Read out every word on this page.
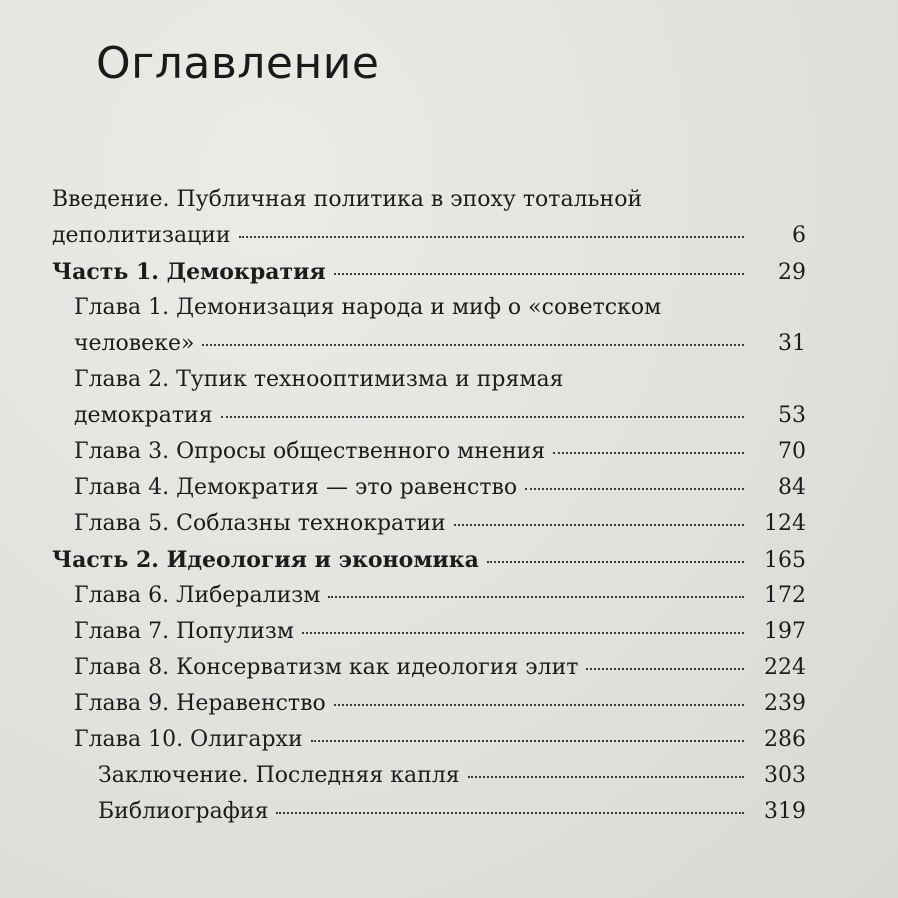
Оглавление
Введение. Публичная политика в эпоху тотальной
деполитизации	6
Часть 1. Демократия	29
Глава 1. Демонизация народа и миф о «советском
человеке»	31
Глава 2. Тупик технооптимизма и прямая
демократия	53
Глава 3. Опросы общественного мнения	70
Глава 4. Демократия — это равенство	84
Глава 5. Соблазны технократии	124
Часть 2. Идеология и экономика	165
Глава 6. Либерализм	172
Глава 7. Популизм	197
Глава 8. Консерватизм как идеология элит	224
Глава 9. Неравенство	239
Глава 10. Олигархи	286
Заключение. Последняя капля	303
Библиография	319
